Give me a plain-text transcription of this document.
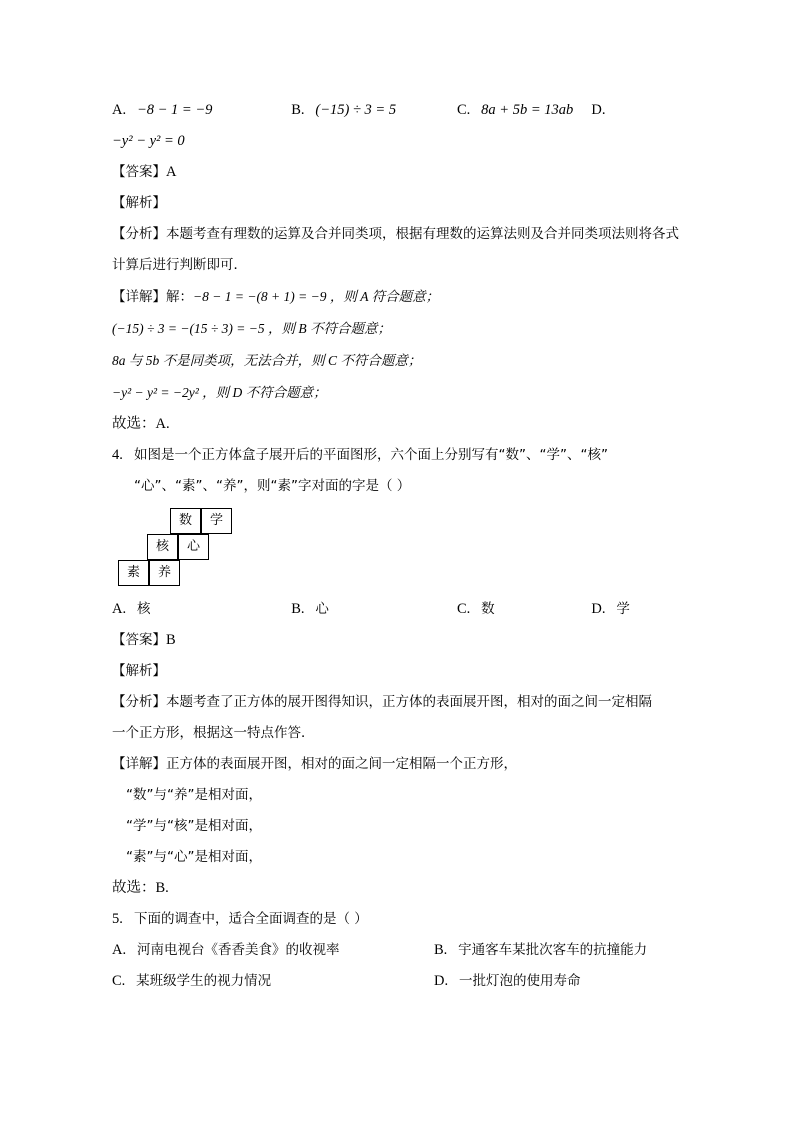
A. −8 − 1 = −9	B. (−15) ÷ 3 = 5	C. 8a + 5b = 13ab	D.
−y² − y² = 0
【答案】A
【解析】
【分析】本题考查有理数的运算及合并同类项，根据有理数的运算法则及合并同类项法则将各式计算后进行判断即可．
【详解】解：−8 − 1 = −(8 + 1) = −9 ，则 A 符合题意；
(−15) ÷ 3 = −(15 ÷ 3) = −5 ，则 B 不符合题意；
8a 与 5b 不是同类项，无法合并，则 C 不符合题意；
−y² − y² = −2y² ，则 D 不符合题意；
故选：A.
4. 如图是一个正方体盒子展开后的平面图形，六个面上分别写有“数”、“学”、“核”
“心”、“素”、“养”，则“素”字对面的字是（ ）
数	学
核	心
素	养
A. 核	B. 心	C. 数	D. 学
【答案】B
【解析】
【分析】本题考查了正方体的展开图得知识，正方体的表面展开图，相对的面之间一定相隔
一个正方形，根据这一特点作答．
【详解】正方体的表面展开图，相对的面之间一定相隔一个正方形，
“数”与“养”是相对面，
“学”与“核”是相对面，
“素”与“心”是相对面，
故选：B.
5. 下面的调查中，适合全面调查的是（ ）
A. 河南电视台《香香美食》的收视率	B. 宇通客车某批次客车的抗撞能力
C. 某班级学生的视力情况	D. 一批灯泡的使用寿命
